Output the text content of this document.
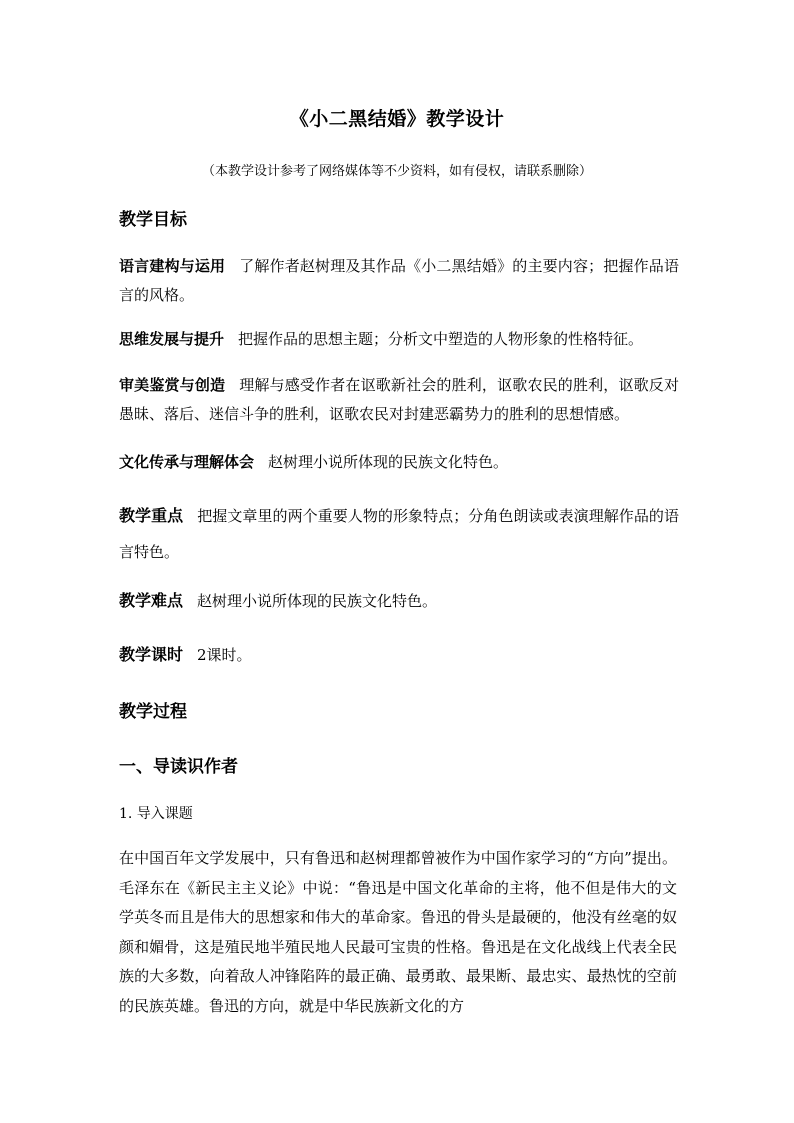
《小二黑结婚》教学设计
（本教学设计参考了网络媒体等不少资料，如有侵权，请联系删除）
教学目标
语言建构与运用 了解作者赵树理及其作品《小二黑结婚》的主要内容；把握作品语言的风格。
思维发展与提升 把握作品的思想主题；分析文中塑造的人物形象的性格特征。
审美鉴赏与创造 理解与感受作者在讴歌新社会的胜利，讴歌农民的胜利，讴歌反对愚昧、落后、迷信斗争的胜利，讴歌农民对封建恶霸势力的胜利的思想情感。
文化传承与理解体会 赵树理小说所体现的民族文化特色。
教学重点 把握文章里的两个重要人物的形象特点；分角色朗读或表演理解作品的语言特色。
教学难点 赵树理小说所体现的民族文化特色。
教学课时 2课时。
教学过程
一、导读识作者
1. 导入课题
在中国百年文学发展中，只有鲁迅和赵树理都曾被作为中国作家学习的“方向”提出。毛泽东在《新民主主义论》中说：“鲁迅是中国文化革命的主将，他不但是伟大的文学英冬而且是伟大的思想家和伟大的革命家。鲁迅的骨头是最硬的，他没有丝毫的奴颜和媚骨，这是殖民地半殖民地人民最可宝贵的性格。鲁迅是在文化战线上代表全民族的大多数，向着敌人冲锋陷阵的最正确、最勇敢、最果断、最忠实、最热忱的空前的民族英雄。鲁迅的方向，就是中华民族新文化的方
